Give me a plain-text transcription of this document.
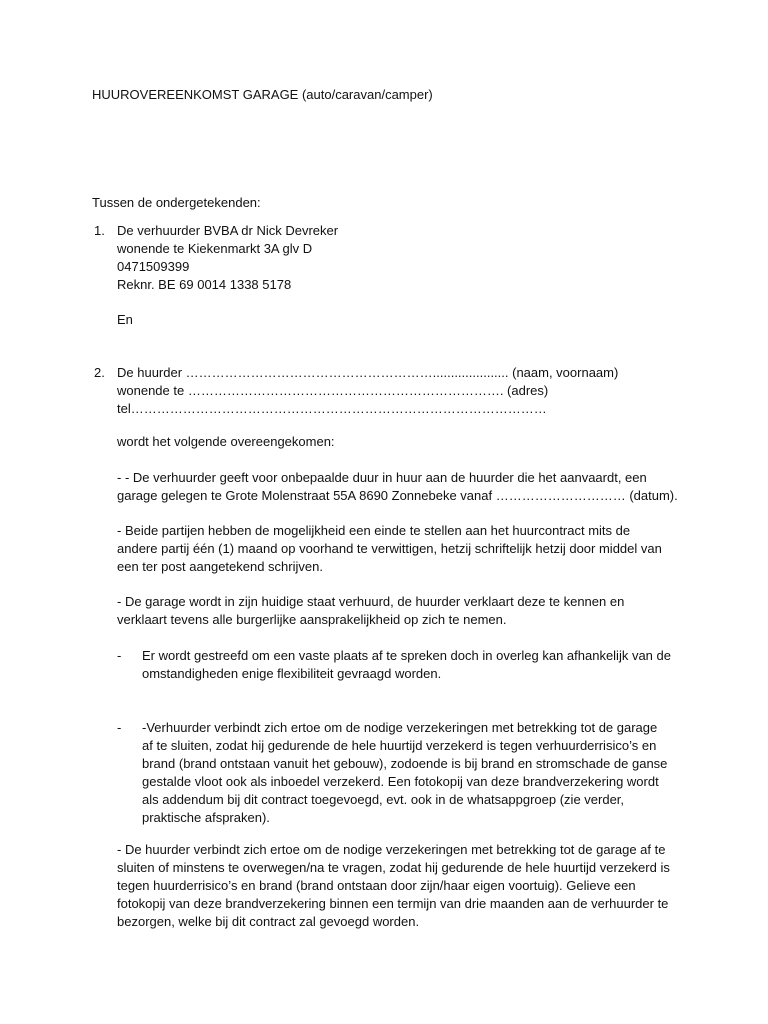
HUUROVEREENKOMST GARAGE (auto/caravan/camper)

Tussen de ondergetekenden:

1. De verhuurder BVBA dr Nick Devreker
wonende te Kiekenmarkt 3A glv D
0471509399
Reknr. BE 69 0014 1338 5178

En

2. De huurder …………………………………………………..................... (naam, voornaam)
wonende te ………………………………………………………………. (adres)
tel……………………………………………………………………………………

wordt het volgende overeengekomen:

- - De verhuurder geeft voor onbepaalde duur in huur aan de huurder die het aanvaardt, een
garage gelegen te Grote Molenstraat 55A 8690 Zonnebeke vanaf ………………………… (datum).
- Beide partijen hebben de mogelijkheid een einde te stellen aan het huurcontract mits de
andere partij één (1) maand op voorhand te verwittigen, hetzij schriftelijk hetzij door middel van
een ter post aangetekend schrijven.
- De garage wordt in zijn huidige staat verhuurd, de huurder verklaart deze te kennen en
verklaart tevens alle burgerlijke aansprakelijkheid op zich te nemen.
- Er wordt gestreefd om een vaste plaats af te spreken doch in overleg kan afhankelijk van de
omstandigheden enige flexibiliteit gevraagd worden.
- -Verhuurder verbindt zich ertoe om de nodige verzekeringen met betrekking tot de garage
af te sluiten, zodat hij gedurende de hele huurtijd verzekerd is tegen verhuurderrisico’s en
brand (brand ontstaan vanuit het gebouw), zodoende is bij brand en stromschade de ganse
gestalde vloot ook als inboedel verzekerd. Een fotokopij van deze brandverzekering wordt
als addendum bij dit contract toegevoegd, evt. ook in de whatsappgroep (zie verder,
praktische afspraken).
- De huurder verbindt zich ertoe om de nodige verzekeringen met betrekking tot de garage af te
sluiten of minstens te overwegen/na te vragen, zodat hij gedurende de hele huurtijd verzekerd is
tegen huurderrisico’s en brand (brand ontstaan door zijn/haar eigen voortuig). Gelieve een
fotokopij van deze brandverzekering binnen een termijn van drie maanden aan de verhuurder te
bezorgen, welke bij dit contract zal gevoegd worden.
